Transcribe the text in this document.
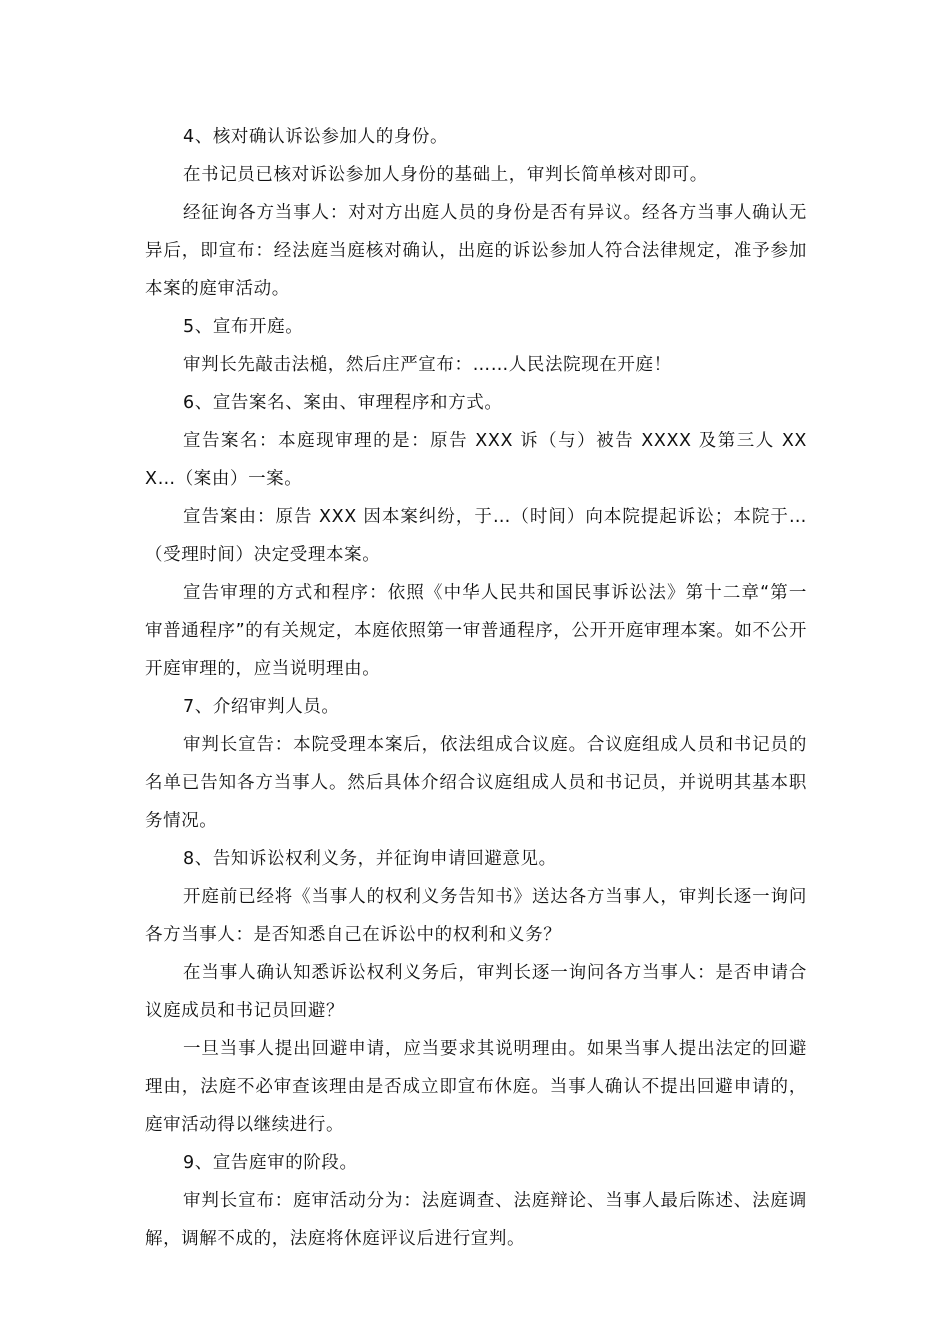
4、核对确认诉讼参加人的身份。

在书记员已核对诉讼参加人身份的基础上，审判长简单核对即可。

经征询各方当事人：对对方出庭人员的身份是否有异议。经各方当事人确认无异后，即宣布：经法庭当庭核对确认，出庭的诉讼参加人符合法律规定，准予参加本案的庭审活动。

5、宣布开庭。

审判长先敲击法槌，然后庄严宣布：……人民法院现在开庭！

6、宣告案名、案由、审理程序和方式。

宣告案名：本庭现审理的是：原告 XXX 诉（与）被告 XXXX 及第三人 XXX…（案由）一案。

宣告案由：原告 XXX 因本案纠纷，于…（时间）向本院提起诉讼；本院于…（受理时间）决定受理本案。

宣告审理的方式和程序：依照《中华人民共和国民事诉讼法》第十二章“第一审普通程序”的有关规定，本庭依照第一审普通程序，公开开庭审理本案。如不公开开庭审理的，应当说明理由。

7、介绍审判人员。

审判长宣告：本院受理本案后，依法组成合议庭。合议庭组成人员和书记员的名单已告知各方当事人。然后具体介绍合议庭组成人员和书记员，并说明其基本职务情况。

8、告知诉讼权利义务，并征询申请回避意见。

开庭前已经将《当事人的权利义务告知书》送达各方当事人，审判长逐一询问各方当事人：是否知悉自己在诉讼中的权利和义务？

在当事人确认知悉诉讼权利义务后，审判长逐一询问各方当事人：是否申请合议庭成员和书记员回避？

一旦当事人提出回避申请，应当要求其说明理由。如果当事人提出法定的回避理由，法庭不必审查该理由是否成立即宣布休庭。当事人确认不提出回避申请的，庭审活动得以继续进行。

9、宣告庭审的阶段。

审判长宣布：庭审活动分为：法庭调查、法庭辩论、当事人最后陈述、法庭调解，调解不成的，法庭将休庭评议后进行宣判。
